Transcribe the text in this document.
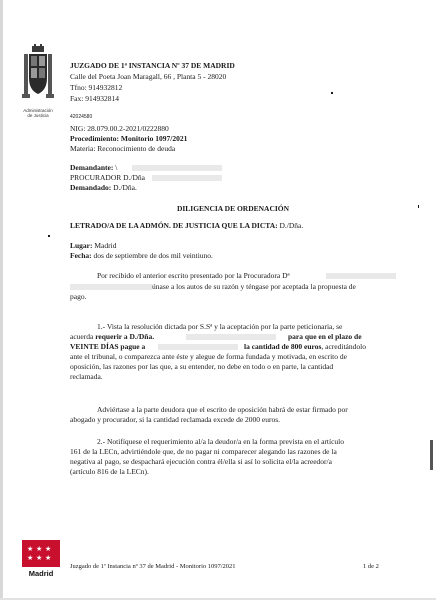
Administración
de Justicia
JUZGADO DE 1ª INSTANCIA Nº 37 DE MADRID
Calle del Poeta Joan Maragall, 66 , Planta 5 - 28020
Tfno: 914932812
Fax: 914932814
42024580
NIG: 28.079.00.2-2021/0222880
Procedimiento: Monitorio 1097/2021
Materia: Reconocimiento de deuda
Demandante: \
PROCURADOR D./Dña
Demandado: D./Dña.
DILIGENCIA DE ORDENACIÓN
LETRADO/A DE LA ADMÓN. DE JUSTICIA QUE LA DICTA: D./Dña.
Lugar: Madrid
Fecha: dos de septiembre de dos mil veintiuno.
Por recibido el anterior escrito presentado por la Procuradora Dª
únase a los autos de su razón y téngase por aceptada la propuesta de
pago.
1.- Vista la resolución dictada por S.Sª y la aceptación por la parte peticionaria, se
acuerda requerir a D./Dña.	para que en el plazo de
VEINTE DÍAS pague a	la cantidad de 800 euros, acreditándolo
ante el tribunal, o comparezca ante éste y alegue de forma fundada y motivada, en escrito de
oposición, las razones por las que, a su entender, no debe en todo o en parte, la cantidad
reclamada.
Adviértase a la parte deudora que el escrito de oposición habrá de estar firmado por
abogado y procurador, si la cantidad reclamada excede de 2000 euros.
2.- Notifíquese el requerimiento al/a la deudor/a en la forma prevista en el artículo
161 de la LECn, advirtiéndole que, de no pagar ni comparecer alegando las razones de la
negativa al pago, se despachará ejecución contra él/ella si así lo solicita el/la acreedor/a
(artículo 816 de la LECn).
★ ★ ★
★ ★ ★
Madrid
Juzgado de 1ª Instancia nº 37 de Madrid - Monitorio 1097/2021	1 de 2
